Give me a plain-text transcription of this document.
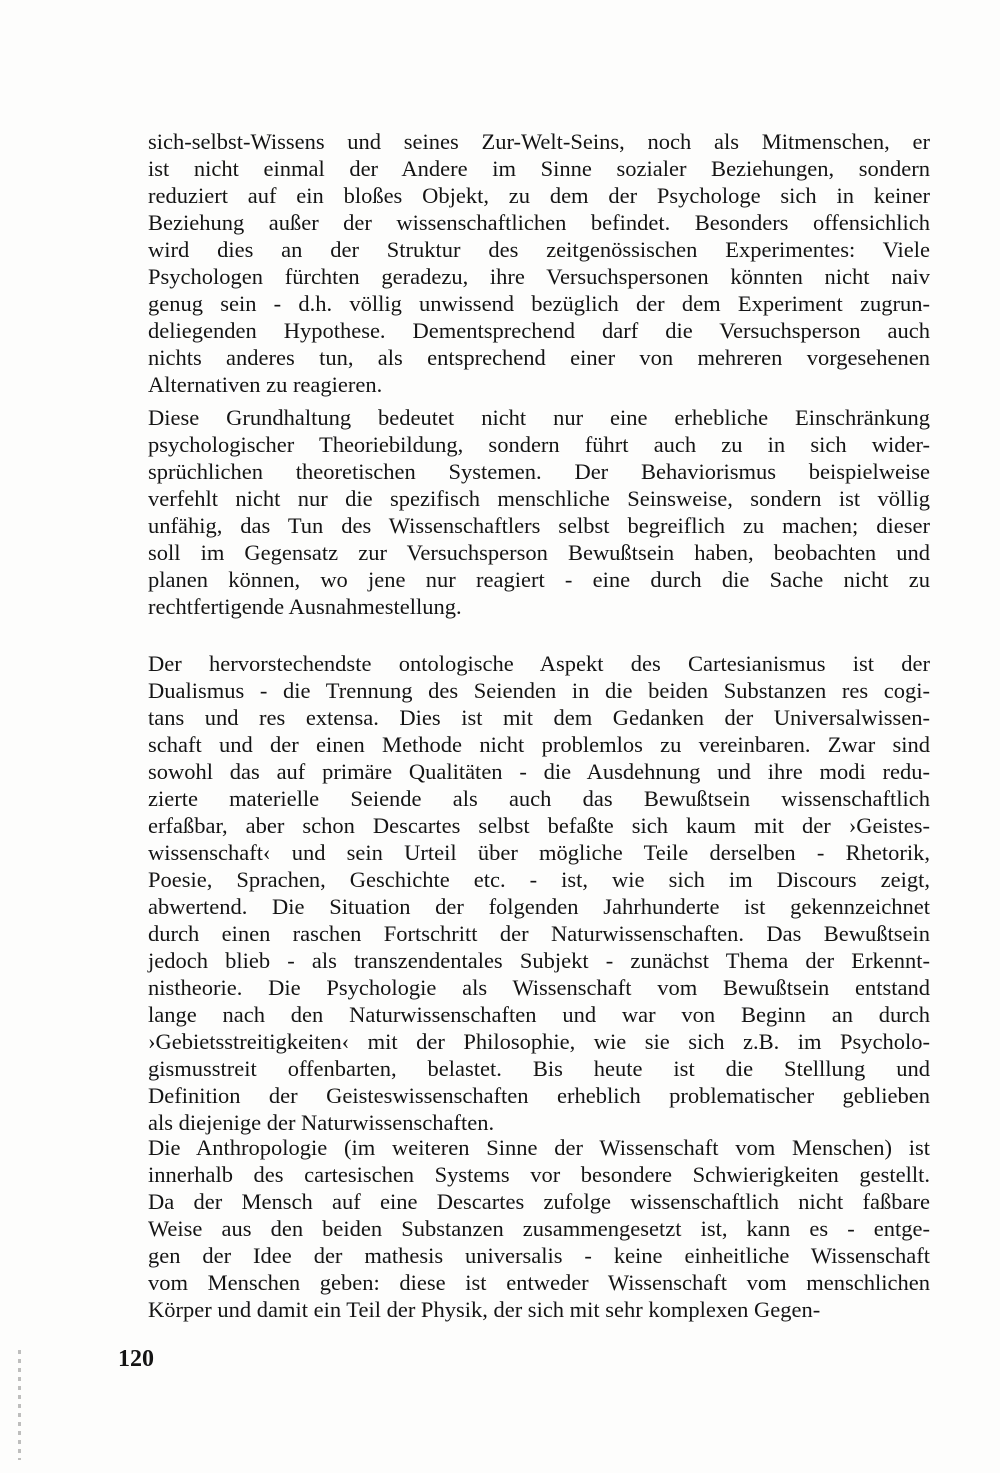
sich-selbst-Wissens und seines Zur-Welt-Seins, noch als Mitmenschen, er
ist nicht einmal der Andere im Sinne sozialer Beziehungen, sondern
reduziert auf ein bloßes Objekt, zu dem der Psychologe sich in keiner
Beziehung außer der wissenschaftlichen befindet. Besonders offensichlich
wird dies an der Struktur des zeitgenössischen Experimentes: Viele
Psychologen fürchten geradezu, ihre Versuchspersonen könnten nicht naiv
genug sein - d.h. völlig unwissend bezüglich der dem Experiment zugrun-
deliegenden Hypothese. Dementsprechend darf die Versuchsperson auch
nichts anderes tun, als entsprechend einer von mehreren vorgesehenen
Alternativen zu reagieren.
Diese Grundhaltung bedeutet nicht nur eine erhebliche Einschränkung
psychologischer Theoriebildung, sondern führt auch zu in sich wider-
sprüchlichen theoretischen Systemen. Der Behaviorismus beispielweise
verfehlt nicht nur die spezifisch menschliche Seinsweise, sondern ist völlig
unfähig, das Tun des Wissenschaftlers selbst begreiflich zu machen; dieser
soll im Gegensatz zur Versuchsperson Bewußtsein haben, beobachten und
planen können, wo jene nur reagiert - eine durch die Sache nicht zu
rechtfertigende Ausnahmestellung.
Der hervorstechendste ontologische Aspekt des Cartesianismus ist der
Dualismus - die Trennung des Seienden in die beiden Substanzen res cogi-
tans und res extensa. Dies ist mit dem Gedanken der Universalwissen-
schaft und der einen Methode nicht problemlos zu vereinbaren. Zwar sind
sowohl das auf primäre Qualitäten - die Ausdehnung und ihre modi redu-
zierte materielle Seiende als auch das Bewußtsein wissenschaftlich
erfaßbar, aber schon Descartes selbst befaßte sich kaum mit der ›Geistes-
wissenschaft‹ und sein Urteil über mögliche Teile derselben - Rhetorik,
Poesie, Sprachen, Geschichte etc. - ist, wie sich im Discours zeigt,
abwertend. Die Situation der folgenden Jahrhunderte ist gekennzeichnet
durch einen raschen Fortschritt der Naturwissenschaften. Das Bewußtsein
jedoch blieb - als transzendentales Subjekt - zunächst Thema der Erkennt-
nistheorie. Die Psychologie als Wissenschaft vom Bewußtsein entstand
lange nach den Naturwissenschaften und war von Beginn an durch
›Gebietsstreitigkeiten‹ mit der Philosophie, wie sie sich z.B. im Psycholo-
gismusstreit offenbarten, belastet. Bis heute ist die Stelllung und
Definition der Geisteswissenschaften erheblich problematischer geblieben
als diejenige der Naturwissenschaften.
Die Anthropologie (im weiteren Sinne der Wissenschaft vom Menschen) ist
innerhalb des cartesischen Systems vor besondere Schwierigkeiten gestellt.
Da der Mensch auf eine Descartes zufolge wissenschaftlich nicht faßbare
Weise aus den beiden Substanzen zusammengesetzt ist, kann es - entge-
gen der Idee der mathesis universalis - keine einheitliche Wissenschaft
vom Menschen geben: diese ist entweder Wissenschaft vom menschlichen
Körper und damit ein Teil der Physik, der sich mit sehr komplexen Gegen-
120
